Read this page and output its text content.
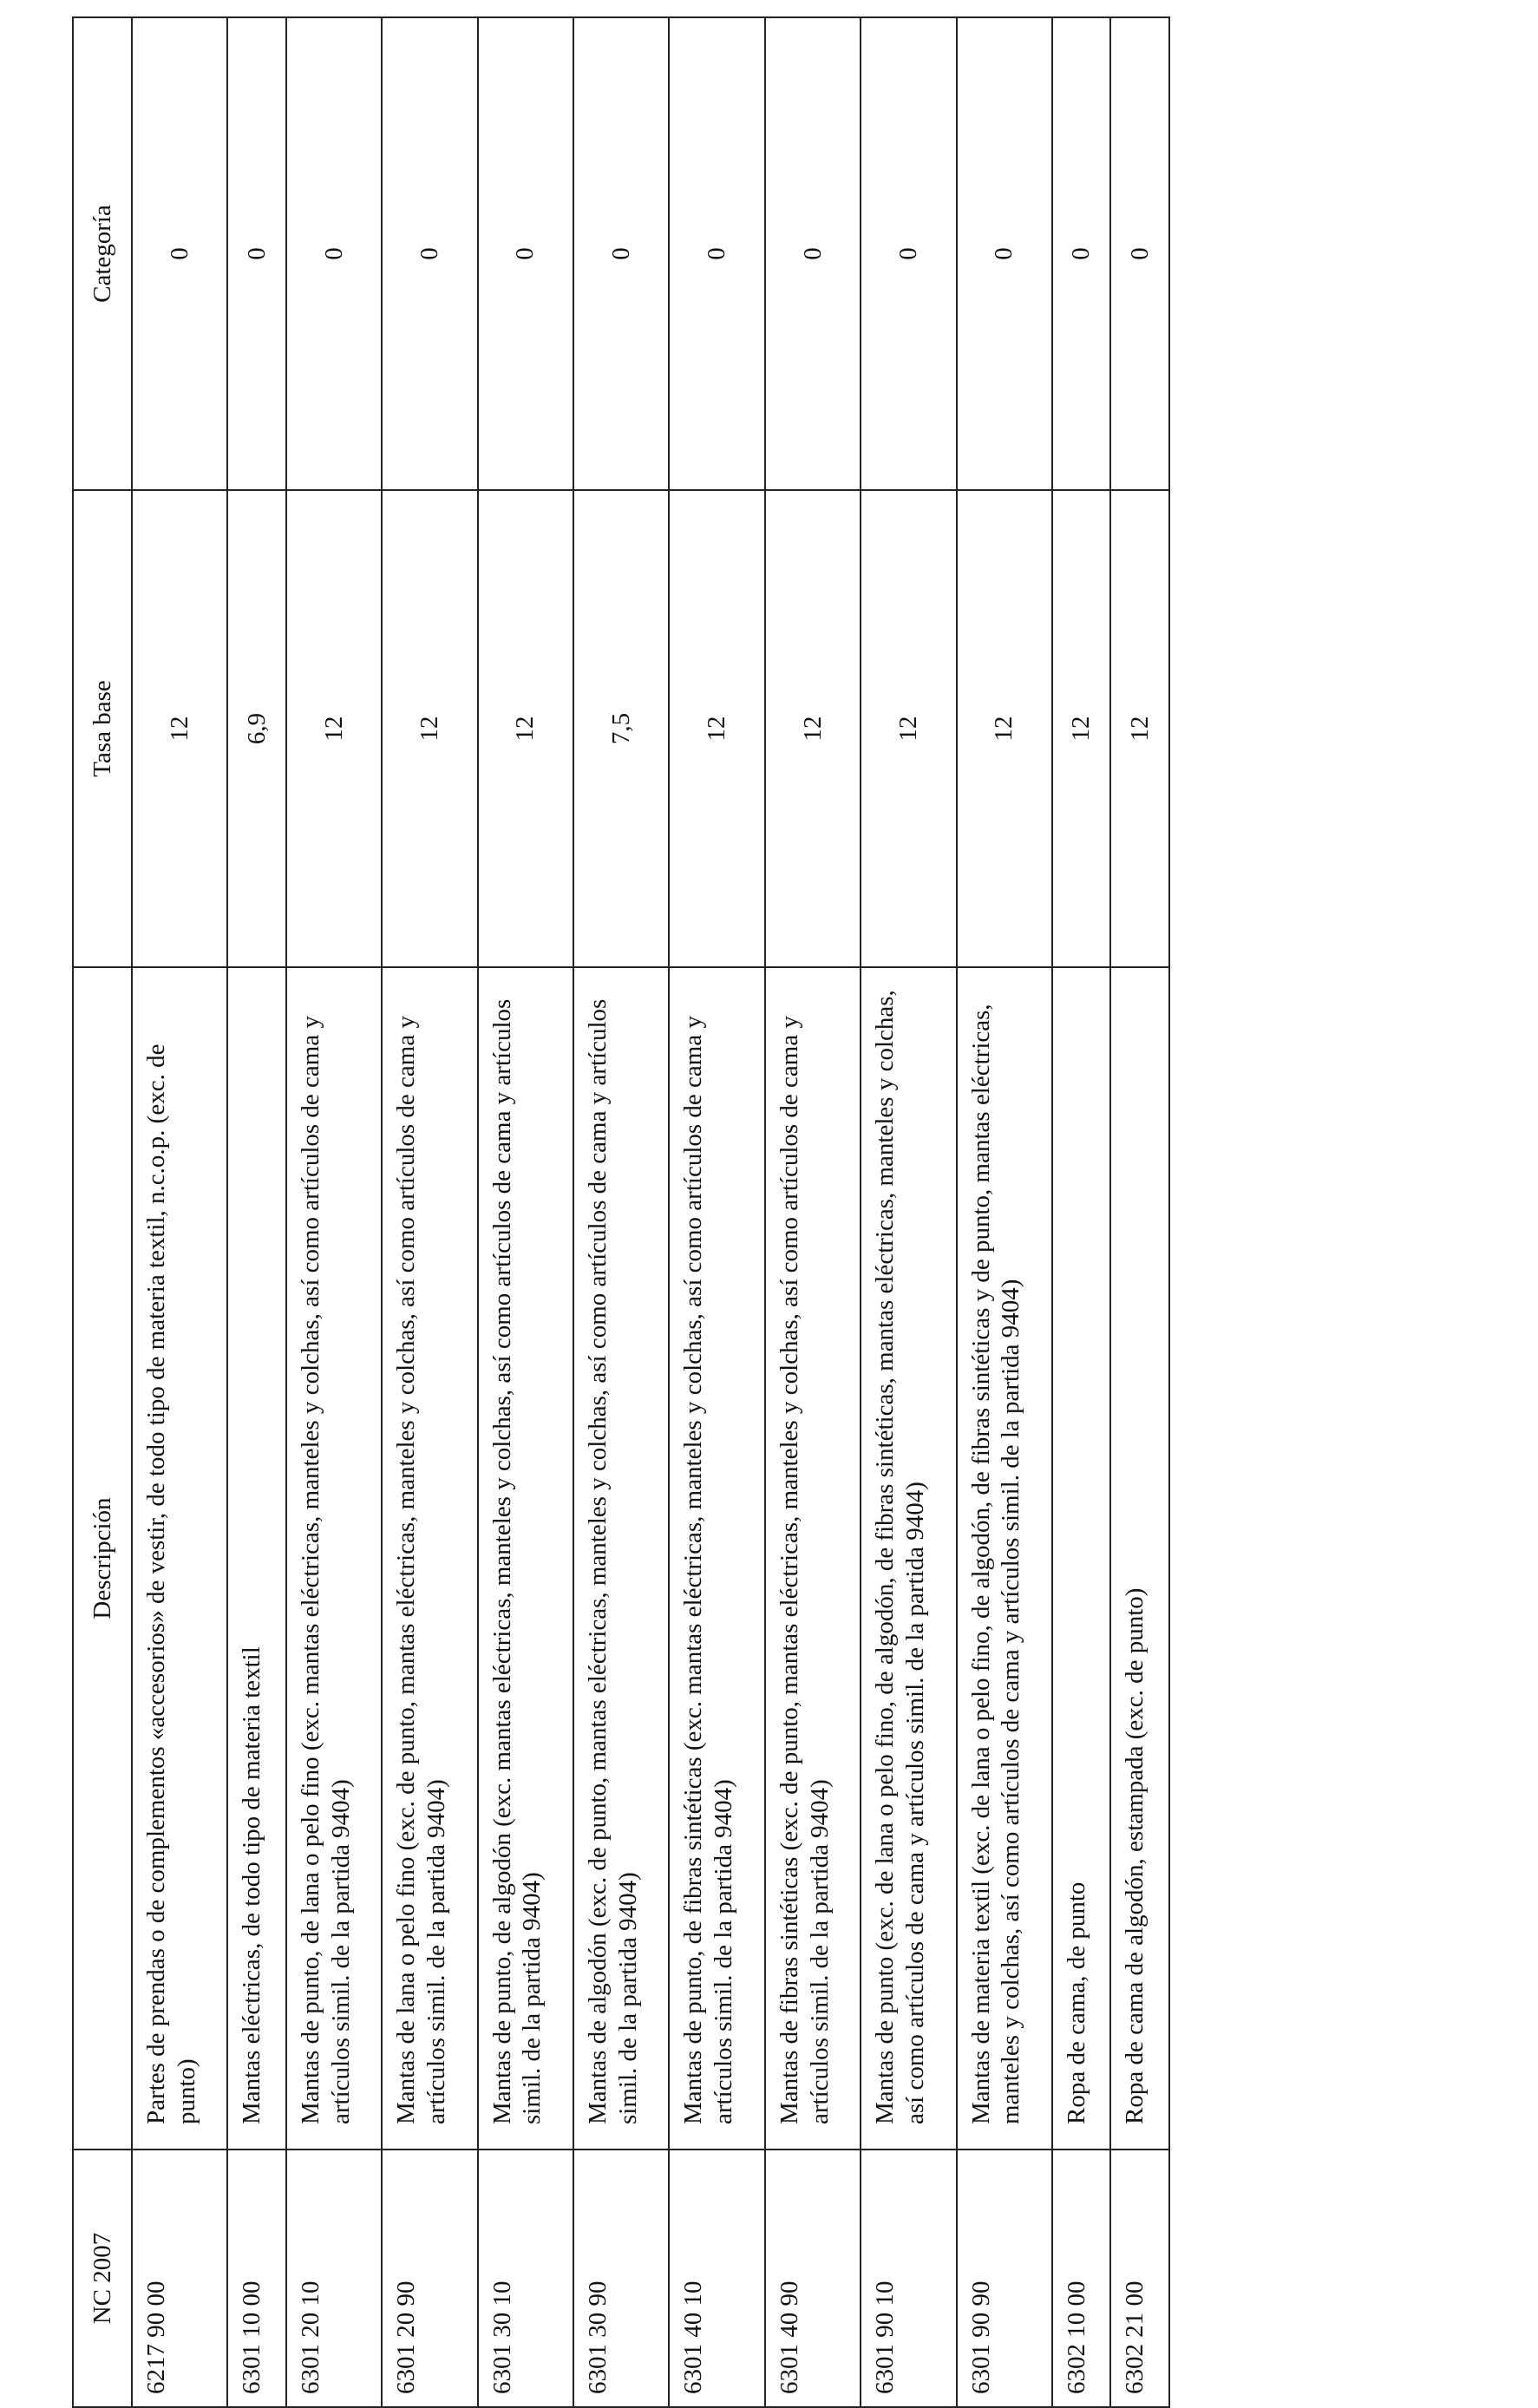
NC 2007	Descripción	Tasa base	Categoría
6217 90 00	Partes de prendas o de complementos «accesorios» de vestir, de todo tipo de materia textil, n.c.o.p. (exc. de punto)	12	0
6301 10 00	Mantas eléctricas, de todo tipo de materia textil	6,9	0
6301 20 10	Mantas de punto, de lana o pelo fino (exc. mantas eléctricas, manteles y colchas, así como artículos de cama y artículos simil. de la partida 9404)	12	0
6301 20 90	Mantas de lana o pelo fino (exc. de punto, mantas eléctricas, manteles y colchas, así como artículos de cama y artículos simil. de la partida 9404)	12	0
6301 30 10	Mantas de punto, de algodón (exc. mantas eléctricas, manteles y colchas, así como artículos de cama y artículos simil. de la partida 9404)	12	0
6301 30 90	Mantas de algodón (exc. de punto, mantas eléctricas, manteles y colchas, así como artículos de cama y artículos simil. de la partida 9404)	7,5	0
6301 40 10	Mantas de punto, de fibras sintéticas (exc. mantas eléctricas, manteles y colchas, así como artículos de cama y artículos simil. de la partida 9404)	12	0
6301 40 90	Mantas de fibras sintéticas (exc. de punto, mantas eléctricas, manteles y colchas, así como artículos de cama y artículos simil. de la partida 9404)	12	0
6301 90 10	Mantas de punto (exc. de lana o pelo fino, de algodón, de fibras sintéticas, mantas eléctricas, manteles y colchas, así como artículos de cama y artículos simil. de la partida 9404)	12	0
6301 90 90	Mantas de materia textil (exc. de lana o pelo fino, de algodón, de fibras sintéticas y de punto, mantas eléctricas, manteles y colchas, así como artículos de cama y artículos simil. de la partida 9404)	12	0
6302 10 00	Ropa de cama, de punto	12	0
6302 21 00	Ropa de cama de algodón, estampada (exc. de punto)	12	0
